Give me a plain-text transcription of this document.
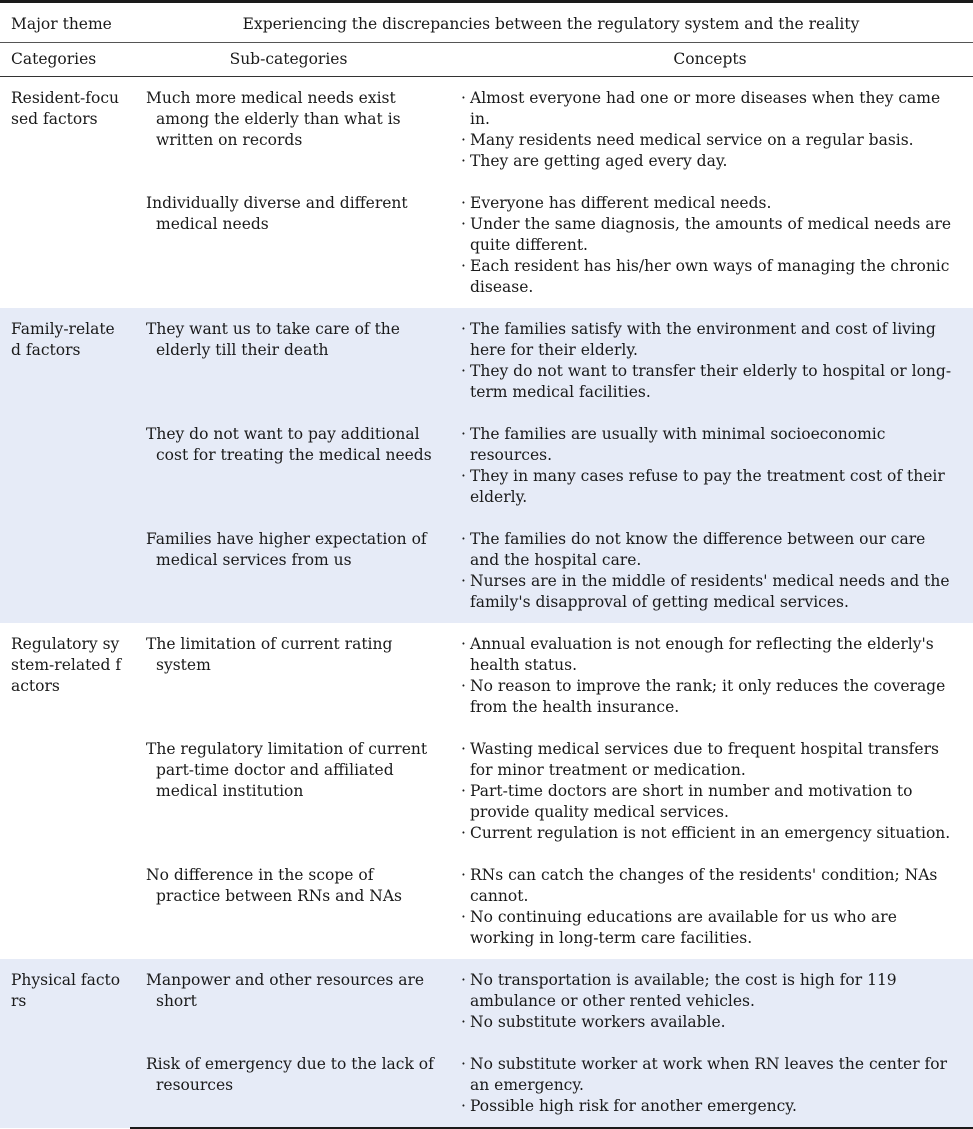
Major theme	Experiencing the discrepancies between the regulatory system and the reality	
Categories	Sub-categories	Concepts
Resident-focused factors	Much more medical needs exist among the elderly than what is written on records	· Almost everyone had one or more diseases when they came in.
· Many residents need medical service on a regular basis.
· They are getting aged every day.

	Individually diverse and different medical needs	· Everyone has different medical needs.
· Under the same diagnosis, the amounts of medical needs are quite different.
· Each resident has his/her own ways of managing the chronic disease.

Family-related factors	They want us to take care of the elderly till their death	· The families satisfy with the environment and cost of living here for their elderly.
· They do not want to transfer their elderly to hospital or long-term medical facilities.

	They do not want to pay additional cost for treating the medical needs	· The families are usually with minimal socioeconomic resources.
· They in many cases refuse to pay the treatment cost of their elderly.

	Families have higher expectation of medical services from us	· The families do not know the difference between our care and the hospital care.
· Nurses are in the middle of residents' medical needs and the family's disapproval of getting medical services.

Regulatory system-related factors	The limitation of current rating system	· Annual evaluation is not enough for reflecting the elderly's health status.
· No reason to improve the rank; it only reduces the coverage from the health insurance.

	The regulatory limitation of current part-time doctor and affiliated medical institution	· Wasting medical services due to frequent hospital transfers for minor treatment or medication.
· Part-time doctors are short in number and motivation to provide quality medical services.
· Current regulation is not efficient in an emergency situation.

	No difference in the scope of practice between RNs and NAs	· RNs can catch the changes of the residents' condition; NAs cannot.
· No continuing educations are available for us who are working in long-term care facilities.

Physical factors	Manpower and other resources are short	· No transportation is available; the cost is high for 119 ambulance or other rented vehicles.
· No substitute workers available.

	Risk of emergency due to the lack of resources	· No substitute worker at work when RN leaves the center for an emergency.
· Possible high risk for another emergency.
